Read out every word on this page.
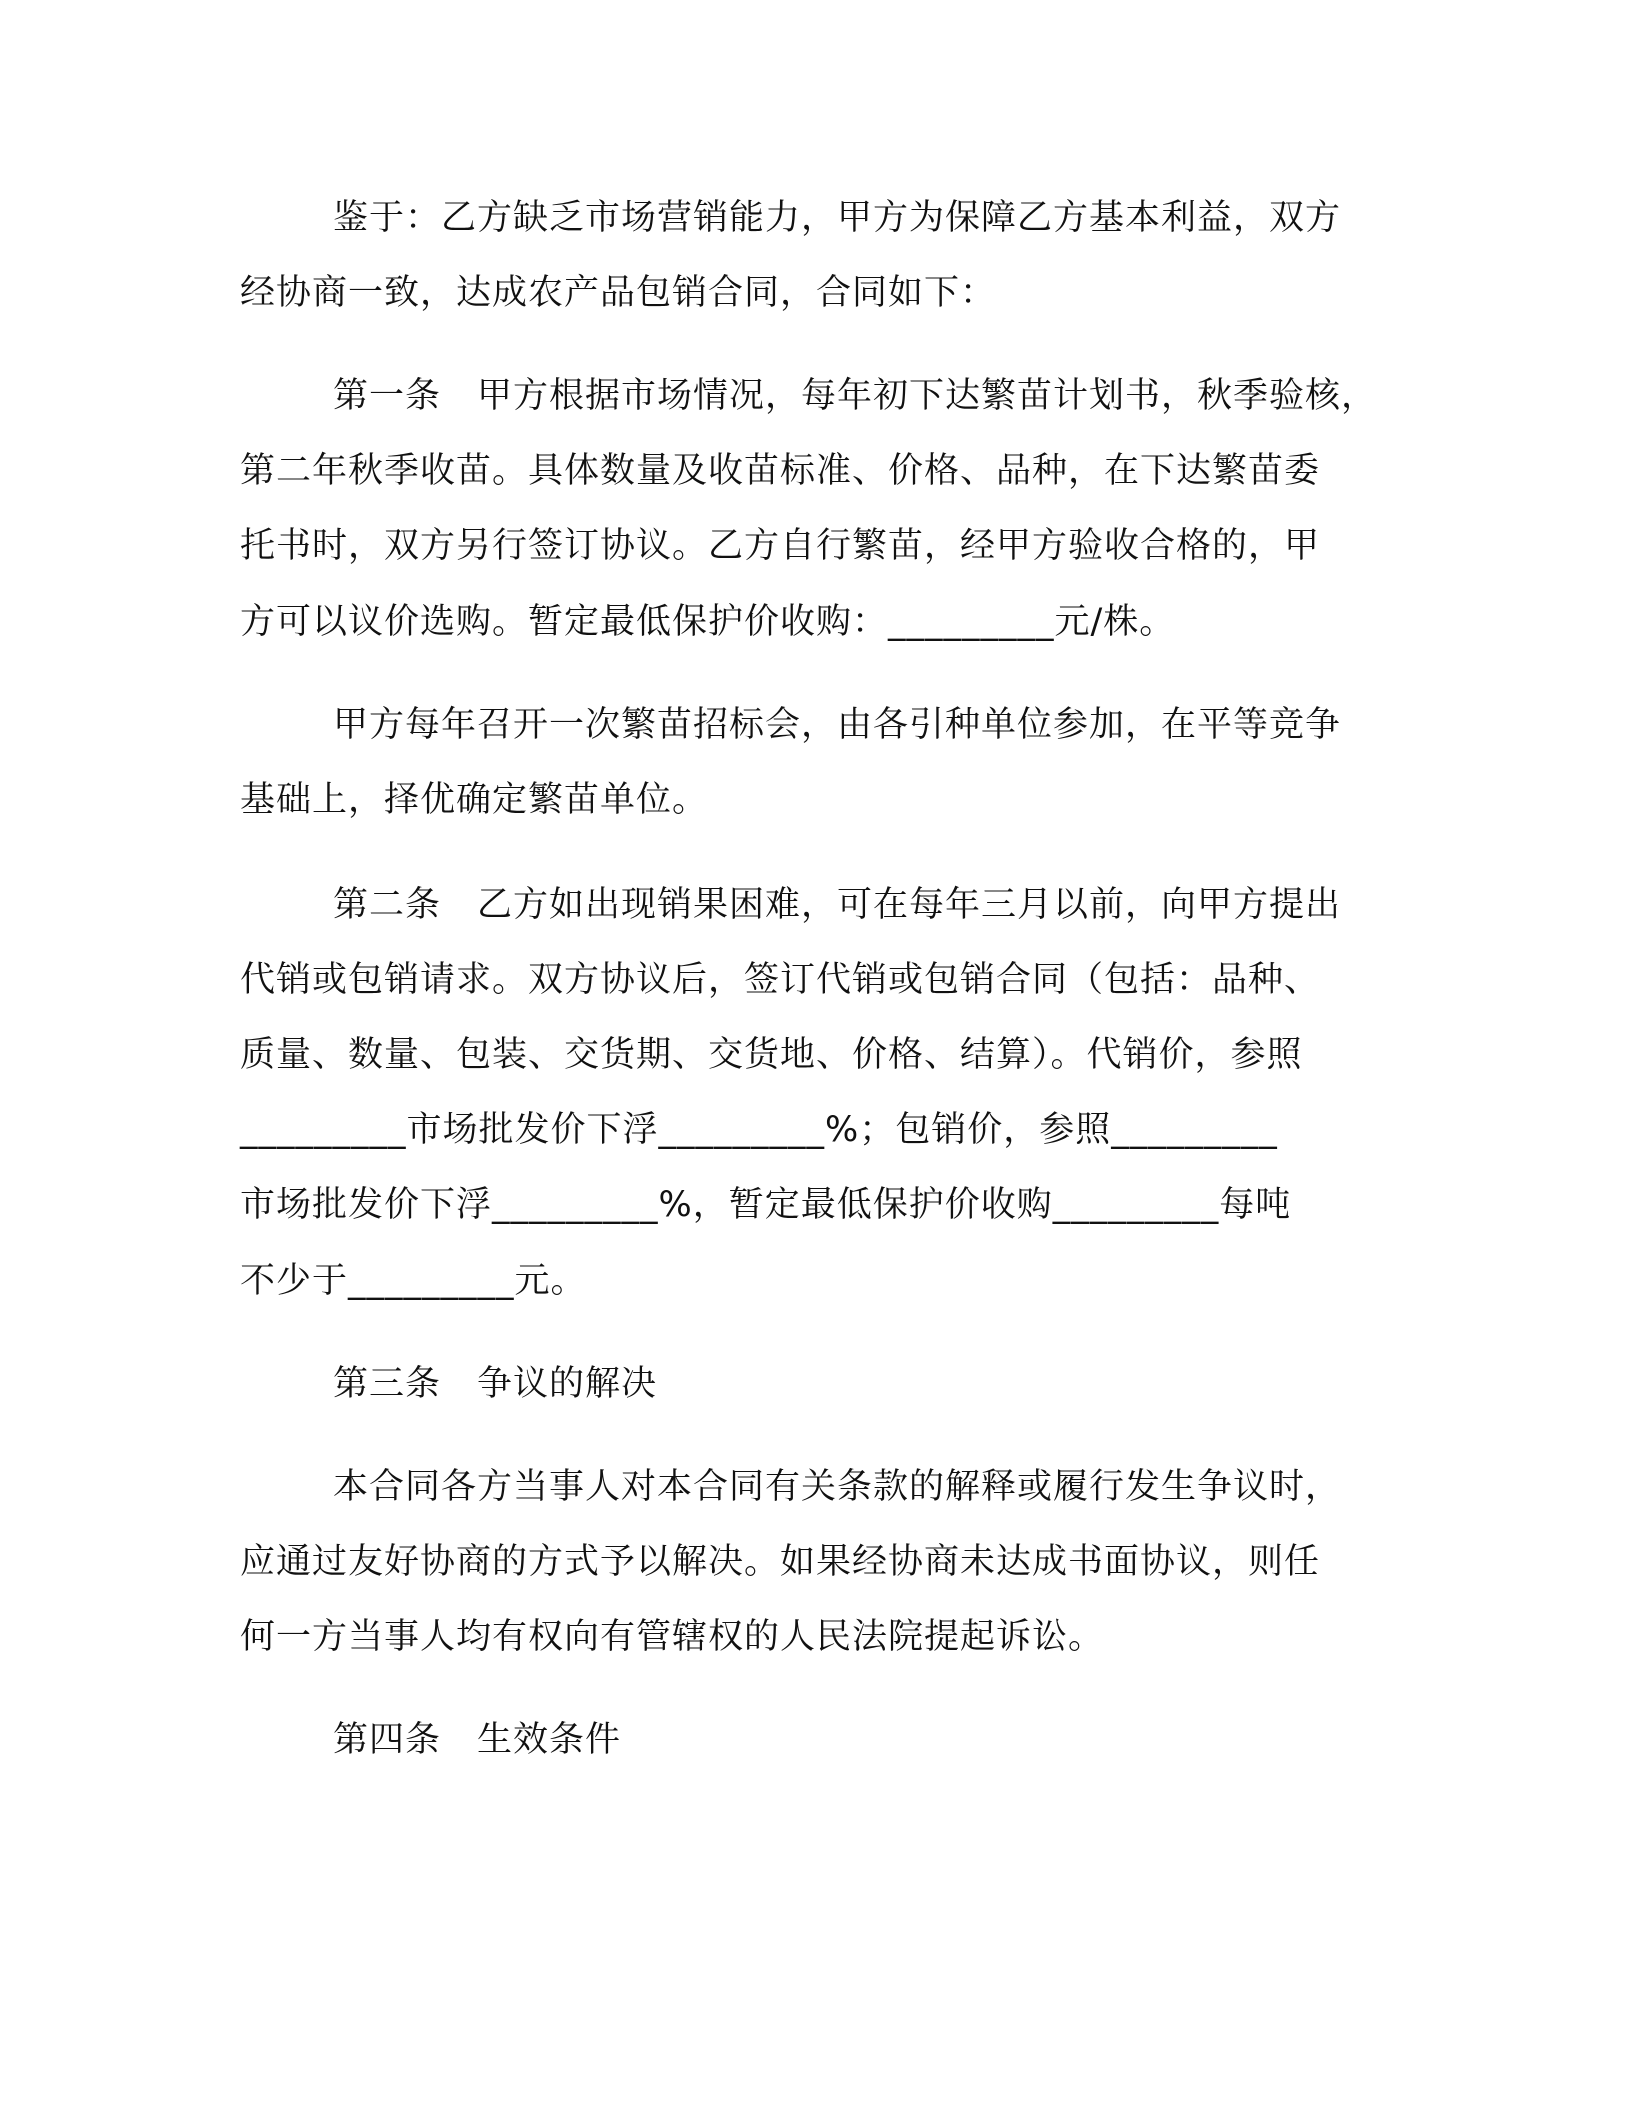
鉴于：乙方缺乏市场营销能力，甲方为保障乙方基本利益，双方

经协商一致，达成农产品包销合同，合同如下：

第一条　甲方根据市场情况，每年初下达繁苗计划书，秋季验核，

第二年秋季收苗。具体数量及收苗标准、价格、品种，在下达繁苗委

托书时，双方另行签订协议。乙方自行繁苗，经甲方验收合格的，甲

方可以议价选购。暂定最低保护价收购：_________元/株。

甲方每年召开一次繁苗招标会，由各引种单位参加，在平等竞争

基础上，择优确定繁苗单位。

第二条　乙方如出现销果困难，可在每年三月以前，向甲方提出

代销或包销请求。双方协议后，签订代销或包销合同（包括：品种、

质量、数量、包装、交货期、交货地、价格、结算）。代销价，参照

_________市场批发价下浮_________%；包销价，参照_________

市场批发价下浮_________%，暂定最低保护价收购_________每吨

不少于_________元。

第三条　争议的解决

本合同各方当事人对本合同有关条款的解释或履行发生争议时，

应通过友好协商的方式予以解决。如果经协商未达成书面协议，则任

何一方当事人均有权向有管辖权的人民法院提起诉讼。

第四条　生效条件
